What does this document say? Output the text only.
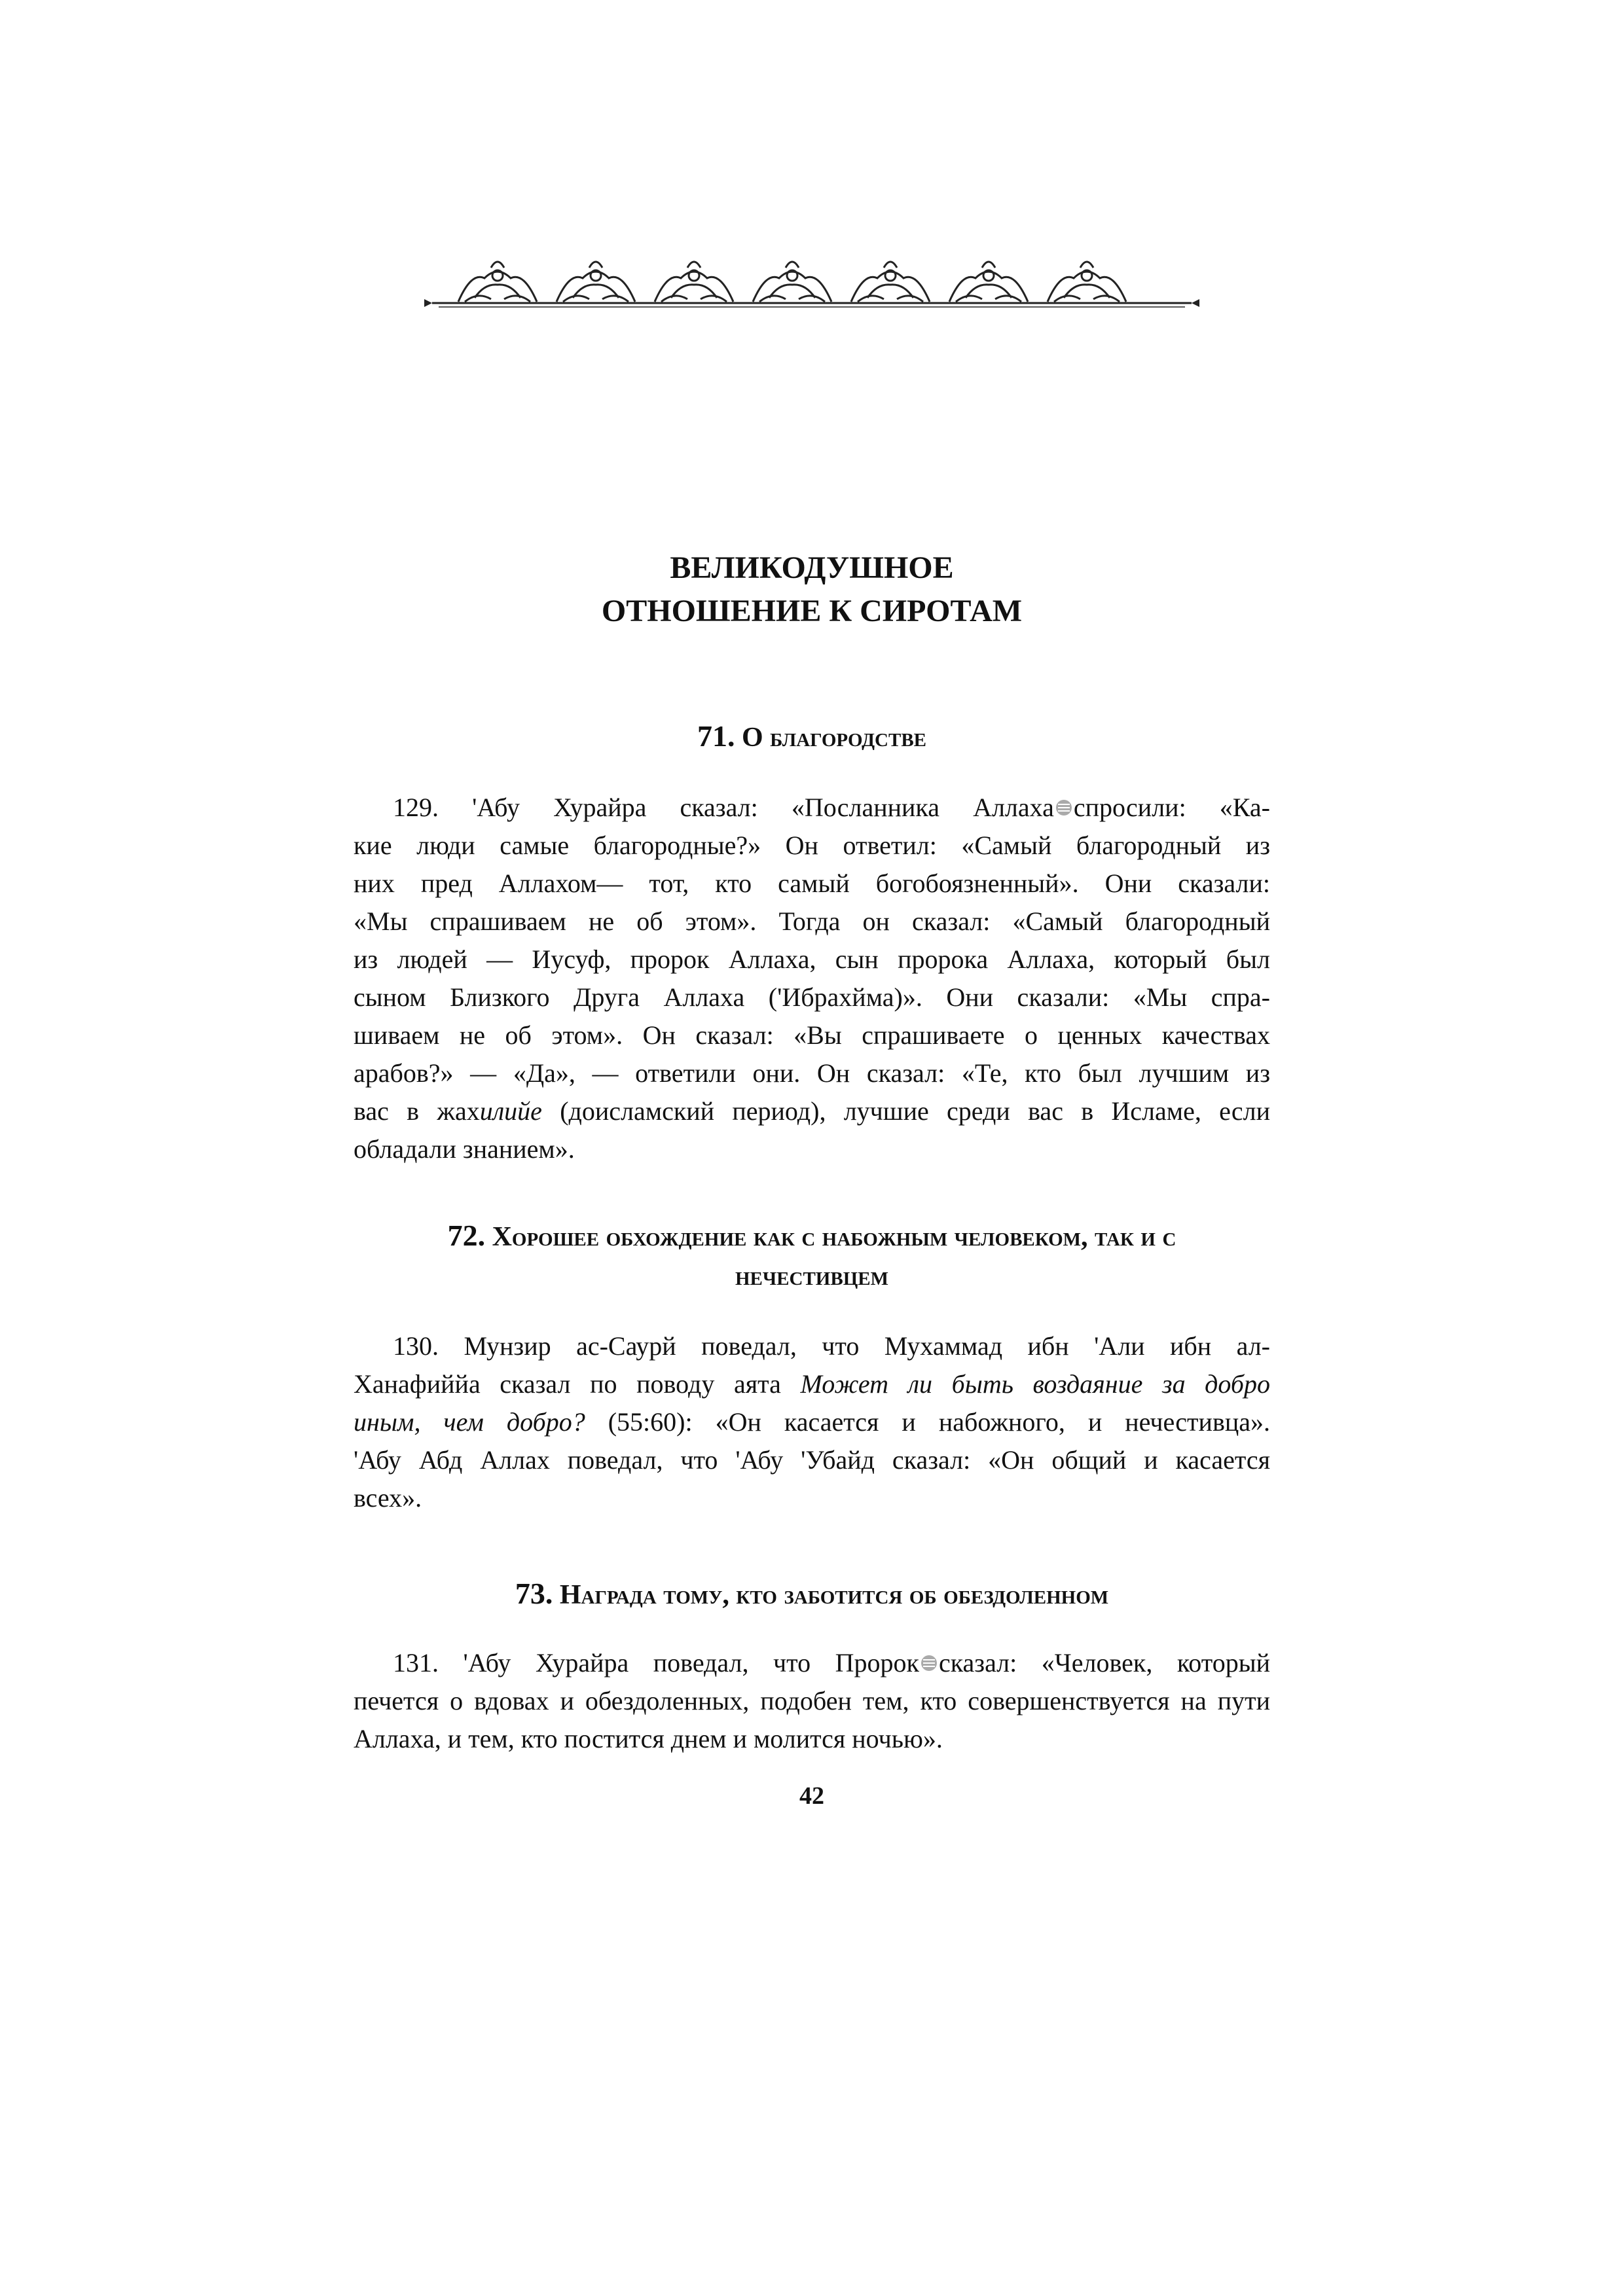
ВЕЛИКОДУШНОЕ
ОТНОШЕНИЕ К СИРОТАМ
71. О благородстве
129. 'Абу Хурайра сказал: «Посланника Аллаха спросили: «Ка-
кие люди самые благородные?» Он ответил: «Самый благородный из
них пред Аллахом— тот, кто самый богобоязненный». Они сказали:
«Мы спрашиваем не об этом». Тогда он сказал: «Самый благородный
из людей — Иусуф, пророк Аллаха, сын пророка Аллаха, который был
сыном Близкого Друга Аллаха ('Ибрахйма)». Они сказали: «Мы спра-
шиваем не об этом». Он сказал: «Вы спрашиваете о ценных качествах
арабов?» — «Да», — ответили они. Он сказал: «Те, кто был лучшим из
вас в жахилийе (доисламский период), лучшие среди вас в Исламе, если
обладали знанием».
72. Хорошее обхождение как с набожным человеком, так и с
нечестивцем
130. Мунзир ас-Саурй поведал, что Мухаммад ибн 'Али ибн ал-
Ханафиййа сказал по поводу аята Может ли быть воздаяние за добро
иным, чем добро? (55:60): «Он касается и набожного, и нечестивца».
'Абу Абд Аллах поведал, что 'Абу 'Убайд сказал: «Он общий и касается
всех».
73. Награда тому, кто заботится об обездоленном
131. 'Абу Хурайра поведал, что Пророк сказал: «Человек, который
печется о вдовах и обездоленных, подобен тем, кто совершенствуется на пути
Аллаха, и тем, кто постится днем и молится ночью».
42
